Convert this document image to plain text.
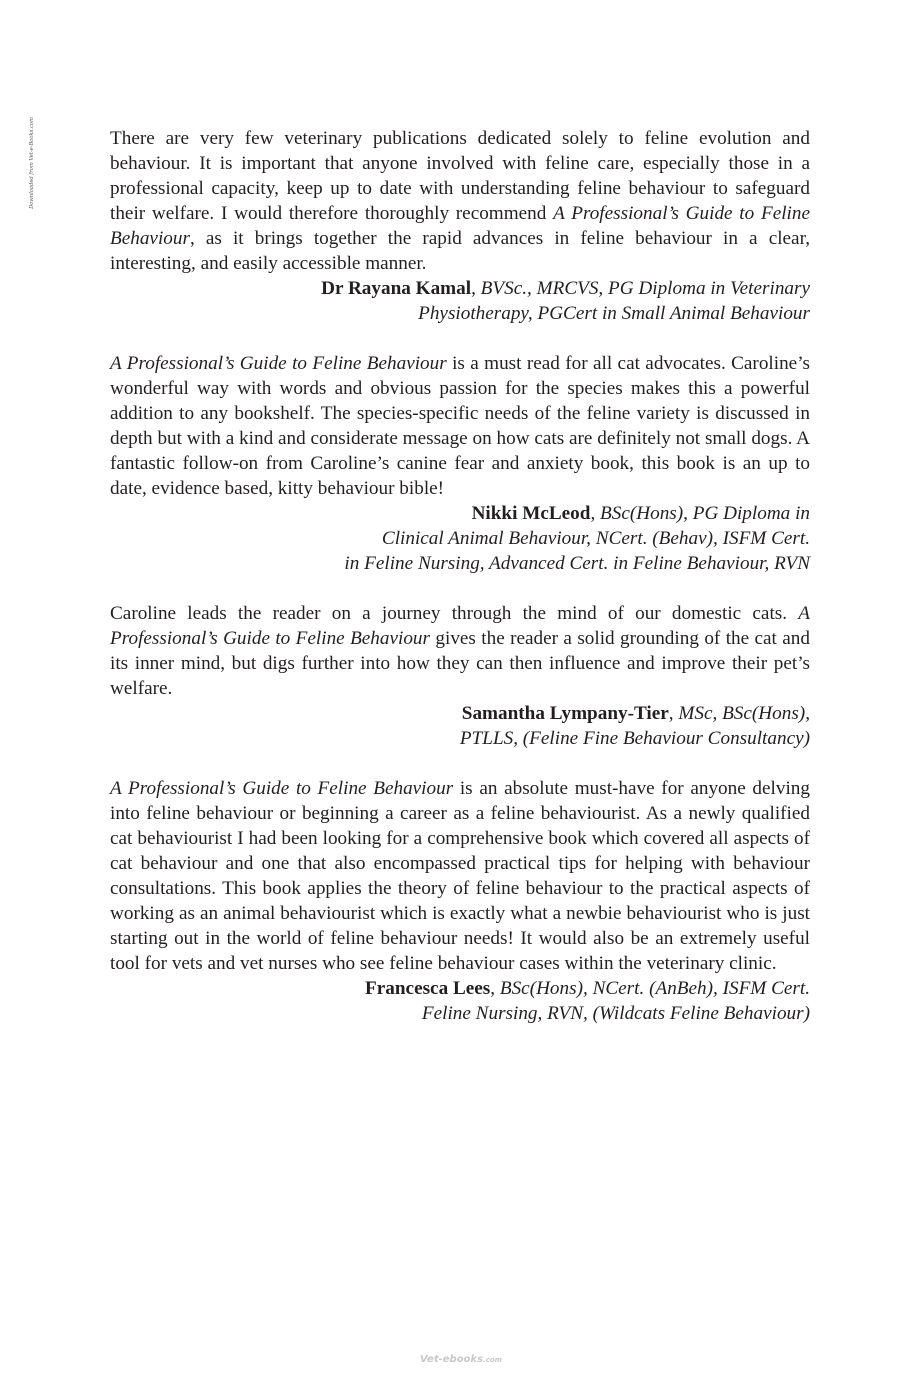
Downloaded from Vet-e-Books.com	There are very few veterinary publications dedicated solely to feline evolution and behaviour. It is important that anyone involved with feline care, especially those in a professional capacity, keep up to date with understanding feline behaviour to safeguard their welfare. I would therefore thoroughly recommend A Professional’s Guide to Feline Behaviour, as it brings together the rapid advances in feline behaviour in a clear, interesting, and easily accessible manner.

Dr Rayana Kamal, BVSc., MRCVS, PG Diploma in Veterinary
Physiotherapy, PGCert in Small Animal Behaviour

A Professional’s Guide to Feline Behaviour is a must read for all cat advocates. Caroline’s wonderful way with words and obvious passion for the species makes this a powerful addition to any bookshelf. The species-specific needs of the feline variety is discussed in depth but with a kind and considerate message on how cats are definitely not small dogs. A fantastic follow-on from Caroline’s canine fear and anxiety book, this book is an up to date, evidence based, kitty behaviour bible!

Nikki McLeod, BSc(Hons), PG Diploma in
Clinical Animal Behaviour, NCert. (Behav), ISFM Cert.
in Feline Nursing, Advanced Cert. in Feline Behaviour, RVN

Caroline leads the reader on a journey through the mind of our domestic cats. A Professional’s Guide to Feline Behaviour gives the reader a solid grounding of the cat and its inner mind, but digs further into how they can then influence and improve their pet’s welfare.

Samantha Lympany-Tier, MSc, BSc(Hons),
PTLLS, (Feline Fine Behaviour Consultancy)

A Professional’s Guide to Feline Behaviour is an absolute must-have for anyone delving into feline behaviour or beginning a career as a feline behaviourist. As a newly qualified cat behaviourist I had been looking for a comprehensive book which covered all aspects of cat behaviour and one that also encompassed practical tips for helping with behaviour consultations. This book applies the theory of feline behaviour to the practical aspects of working as an animal behaviourist which is exactly what a newbie behaviourist who is just starting out in the world of feline behaviour needs! It would also be an extremely useful tool for vets and vet nurses who see feline behaviour cases within the veterinary clinic.

Francesca Lees, BSc(Hons), NCert. (AnBeh), ISFM Cert.
Feline Nursing, RVN, (Wildcats Feline Behaviour)

Vet-ebooks.com
